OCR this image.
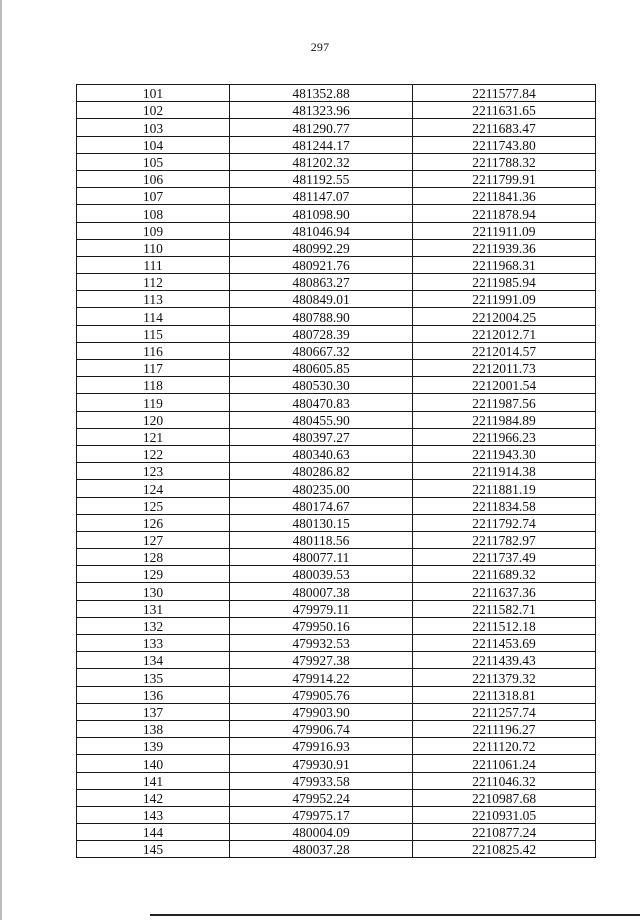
297
101	481352.88	2211577.84
102	481323.96	2211631.65
103	481290.77	2211683.47
104	481244.17	2211743.80
105	481202.32	2211788.32
106	481192.55	2211799.91
107	481147.07	2211841.36
108	481098.90	2211878.94
109	481046.94	2211911.09
110	480992.29	2211939.36
111	480921.76	2211968.31
112	480863.27	2211985.94
113	480849.01	2211991.09
114	480788.90	2212004.25
115	480728.39	2212012.71
116	480667.32	2212014.57
117	480605.85	2212011.73
118	480530.30	2212001.54
119	480470.83	2211987.56
120	480455.90	2211984.89
121	480397.27	2211966.23
122	480340.63	2211943.30
123	480286.82	2211914.38
124	480235.00	2211881.19
125	480174.67	2211834.58
126	480130.15	2211792.74
127	480118.56	2211782.97
128	480077.11	2211737.49
129	480039.53	2211689.32
130	480007.38	2211637.36
131	479979.11	2211582.71
132	479950.16	2211512.18
133	479932.53	2211453.69
134	479927.38	2211439.43
135	479914.22	2211379.32
136	479905.76	2211318.81
137	479903.90	2211257.74
138	479906.74	2211196.27
139	479916.93	2211120.72
140	479930.91	2211061.24
141	479933.58	2211046.32
142	479952.24	2210987.68
143	479975.17	2210931.05
144	480004.09	2210877.24
145	480037.28	2210825.42
